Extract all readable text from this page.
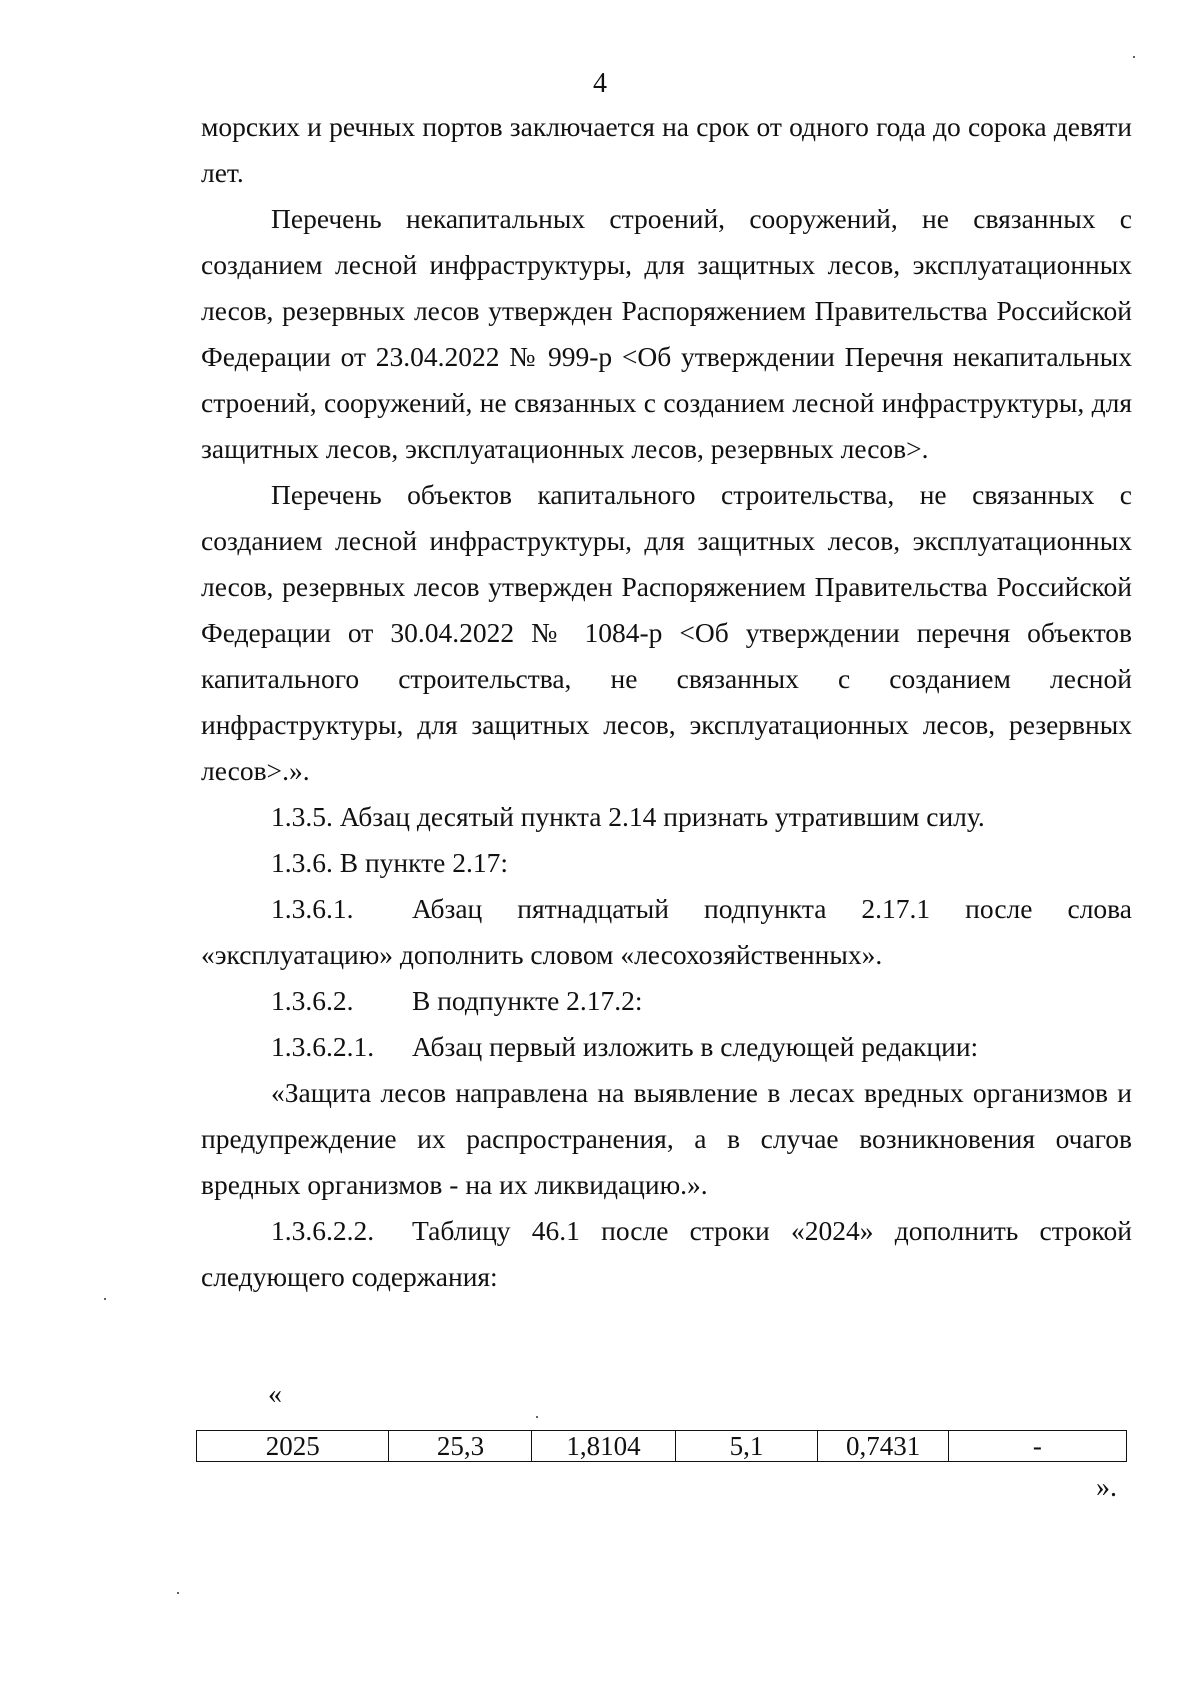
4

морских и речных портов заключается на срок от одного года до сорока девяти лет.

Перечень некапитальных строений, сооружений, не связанных с созданием лесной инфраструктуры, для защитных лесов, эксплуатационных лесов, резервных лесов утвержден Распоряжением Правительства Российской Федерации от 23.04.2022 № 999-р <Об утверждении Перечня некапитальных строений, сооружений, не связанных с созданием лесной инфраструктуры, для защитных лесов, эксплуатационных лесов, резервных лесов>.

Перечень объектов капитального строительства, не связанных с созданием лесной инфраструктуры, для защитных лесов, эксплуатационных лесов, резервных лесов утвержден Распоряжением Правительства Российской Федерации от 30.04.2022 № 1084-р <Об утверждении перечня объектов капитального строительства, не связанных с созданием лесной инфраструктуры, для защитных лесов, эксплуатационных лесов, резервных лесов>.».

1.3.5. Абзац десятый пункта 2.14 признать утратившим силу.

1.3.6. В пункте 2.17:

1.3.6.1. Абзац пятнадцатый подпункта 2.17.1 после слова

«эксплуатацию» дополнить словом «лесохозяйственных».

1.3.6.2. В подпункте 2.17.2:
1.3.6.2.1. Абзац первый изложить в следующей редакции:

«Защита лесов направлена на выявление в лесах вредных организмов и предупреждение их распространения, а в случае возникновения очагов вредных организмов - на их ликвидацию.».

1.3.6.2.2. Таблицу 46.1 после строки «2024» дополнить строкой

следующего содержания:

«
2025	25,3	1,8104	5,1	0,7431	-
».
